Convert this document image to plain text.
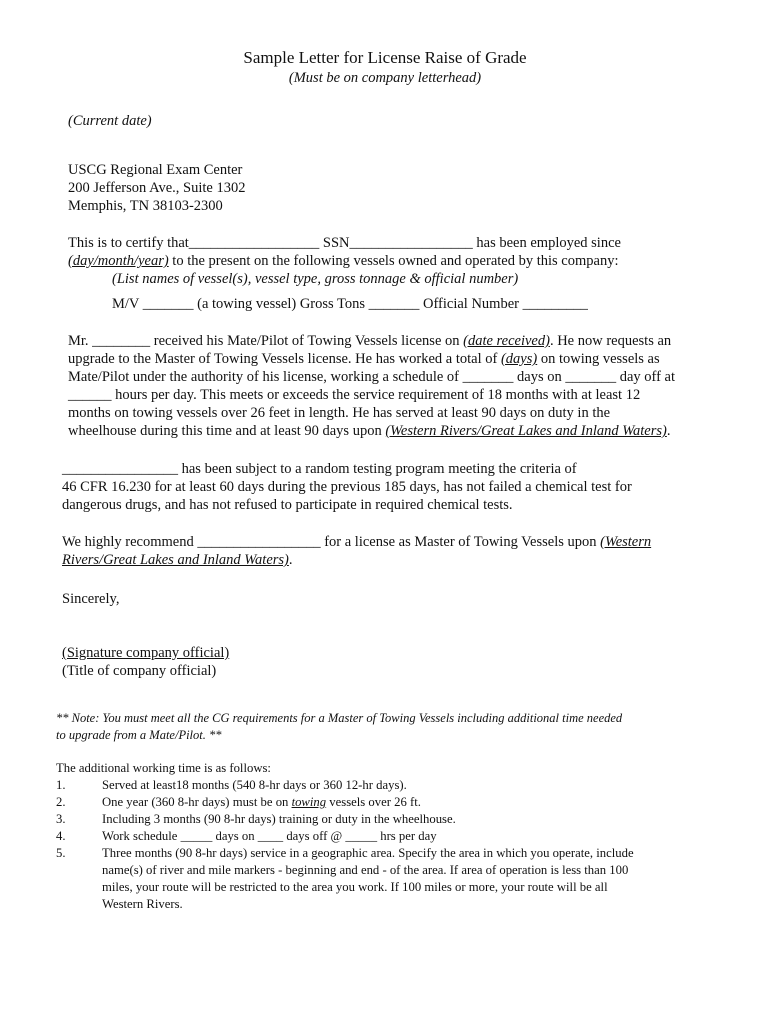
Sample Letter for License Raise of Grade
(Must be on company letterhead)
(Current date)
USCG Regional Exam Center
200 Jefferson Ave., Suite 1302
Memphis, TN 38103-2300
This is to certify that__________________ SSN_________________ has been employed since
(day/month/year) to the present on the following vessels owned and operated by this company:
(List names of vessel(s), vessel type, gross tonnage & official number)
M/V _______ (a towing vessel) Gross Tons _______ Official Number _________
Mr. ________ received his Mate/Pilot of Towing Vessels license on (date received). He now requests an
upgrade to the Master of Towing Vessels license. He has worked a total of (days) on towing vessels as
Mate/Pilot under the authority of his license, working a schedule of _______ days on _______ day off at
______ hours per day. This meets or exceeds the service requirement of 18 months with at least 12
months on towing vessels over 26 feet in length. He has served at least 90 days on duty in the
wheelhouse during this time and at least 90 days upon (Western Rivers/Great Lakes and Inland Waters).
________________ has been subject to a random testing program meeting the criteria of
46 CFR 16.230 for at least 60 days during the previous 185 days, has not failed a chemical test for
dangerous drugs, and has not refused to participate in required chemical tests.
We highly recommend _________________ for a license as Master of Towing Vessels upon (Western
Rivers/Great Lakes and Inland Waters).
Sincerely,
(Signature company official)
(Title of company official)
** Note: You must meet all the CG requirements for a Master of Towing Vessels including additional time needed
to upgrade from a Mate/Pilot. **
The additional working time is as follows:
1.	Served at least18 months (540 8-hr days or 360 12-hr days).
2.	One year (360 8-hr days) must be on towing vessels over 26 ft.
3.	Including 3 months (90 8-hr days) training or duty in the wheelhouse.
4.	Work schedule _____ days on ____ days off @ _____ hrs per day
5.	Three months (90 8-hr days) service in a geographic area. Specify the area in which you operate, include
name(s) of river and mile markers - beginning and end - of the area. If area of operation is less than 100
miles, your route will be restricted to the area you work. If 100 miles or more, your route will be all
Western Rivers.
